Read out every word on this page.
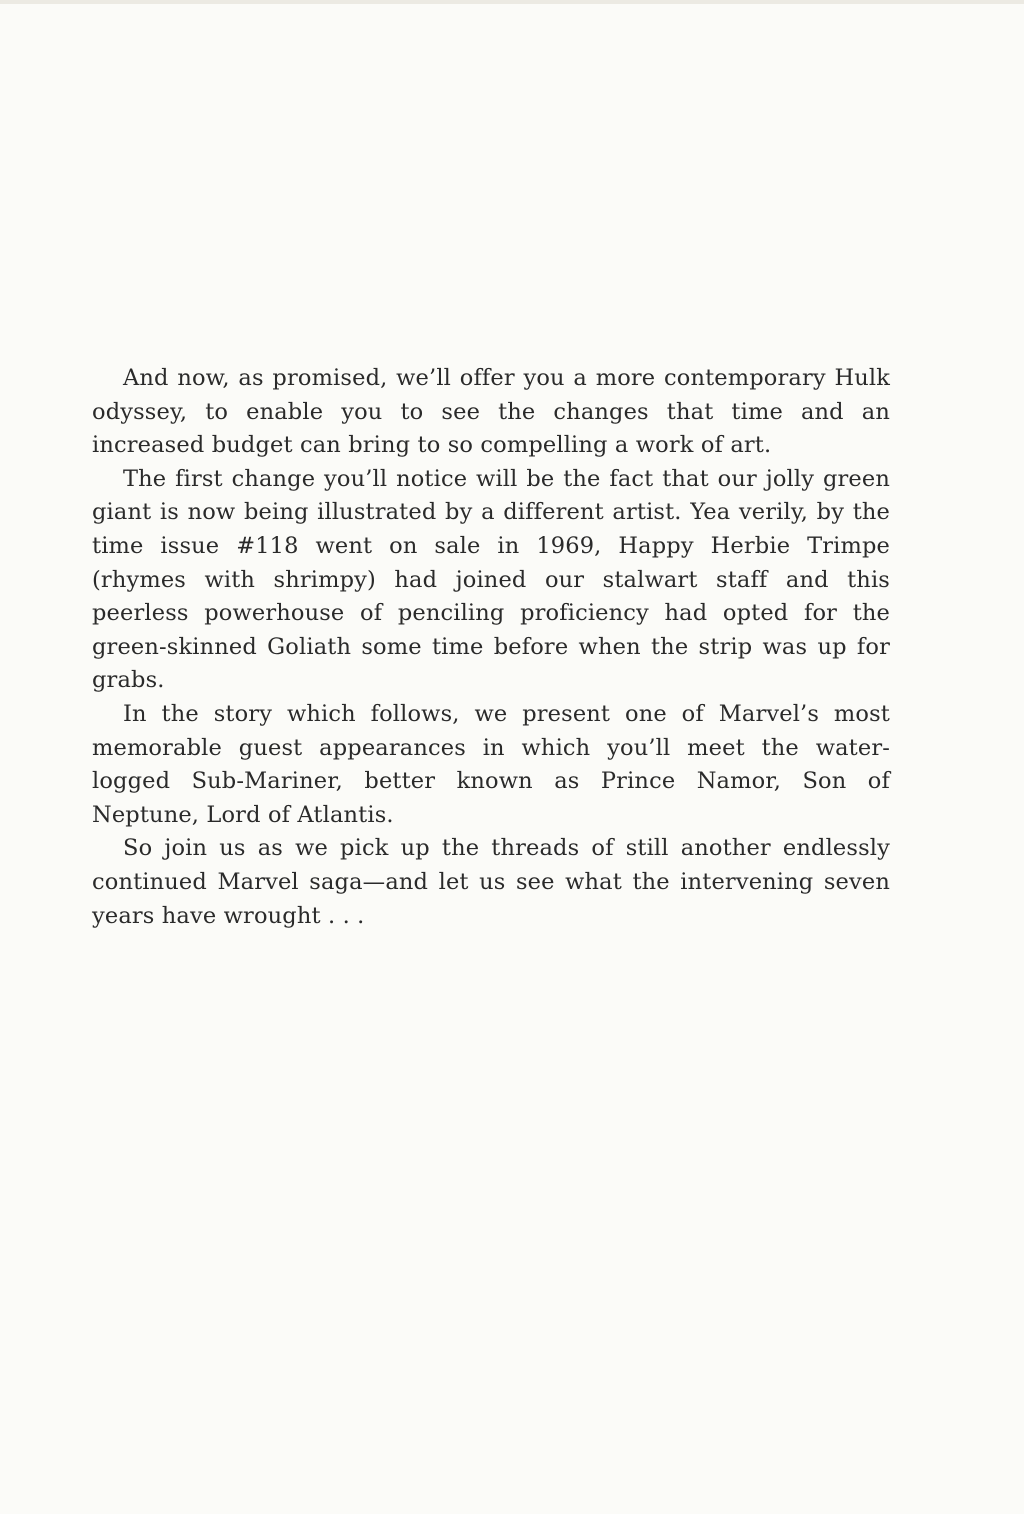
And now, as promised, we’ll offer you a more contemporary Hulk odyssey, to enable you to see the changes that time and an increased budget can bring to so compelling a work of art.

The first change you’ll notice will be the fact that our jolly green giant is now being illustrated by a different artist. Yea verily, by the time issue #118 went on sale in 1969, Happy Herbie Trimpe (rhymes with shrimpy) had joined our stalwart staff and this peerless powerhouse of penciling proficiency had opted for the green-skinned Goliath some time before when the strip was up for grabs.

In the story which follows, we present one of Marvel’s most memorable guest appearances in which you’ll meet the water-logged Sub-Mariner, better known as Prince Namor, Son of Neptune, Lord of Atlantis.

So join us as we pick up the threads of still another endlessly continued Marvel saga—and let us see what the intervening seven years have wrought . . .
